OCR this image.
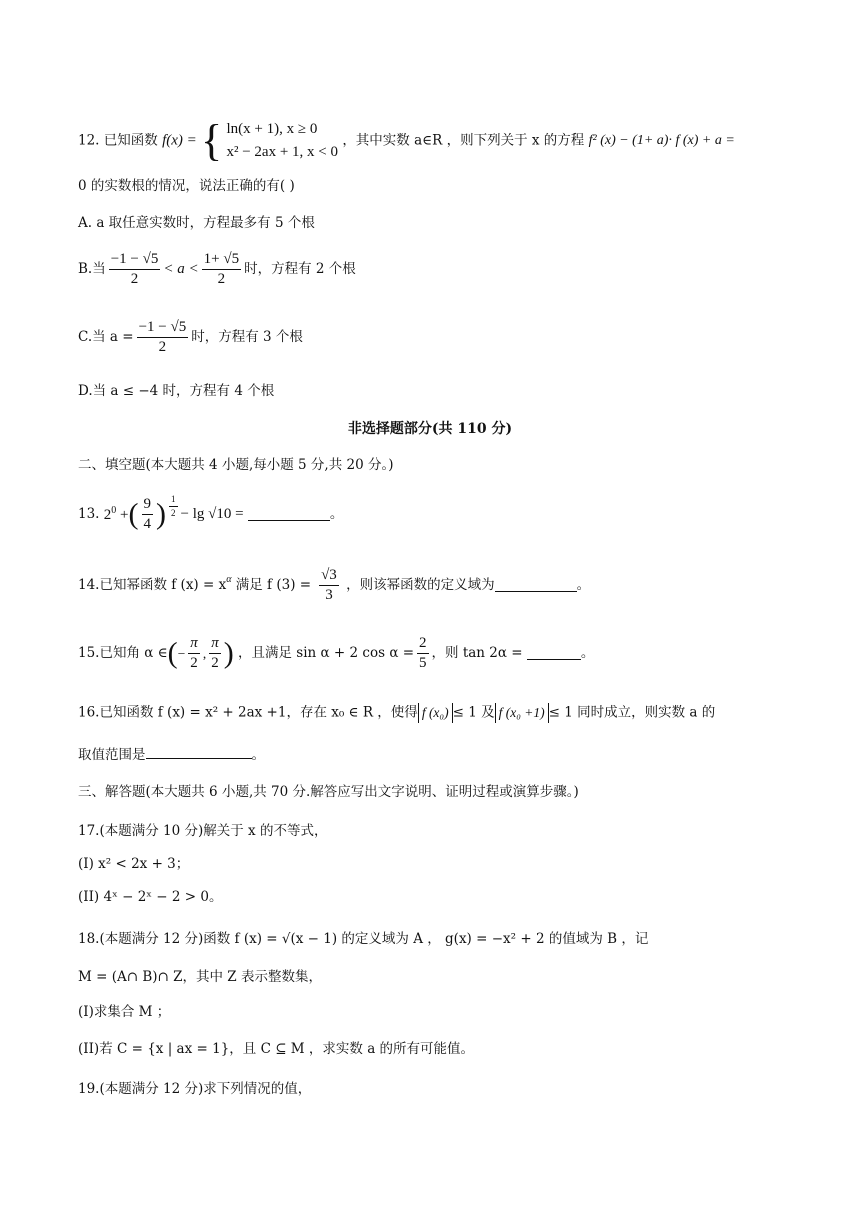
12. 已知函数 f(x) = { ln(x + 1), x ≥ 0
x² − 2ax + 1, x < 0
，其中实数 a∈R ，则下列关于 x 的方程 f² (x) − (1+ a)· f (x) + a =
0 的实数根的情况，说法正确的有( )
A. a 取任意实数时，方程最多有 5 个根
B.当 $\frac{-1 - √5}{2} < a < \frac{1+ √5}{2}$ 时，方程有 2 个根
C.当 $a = \frac{-1 - √5}{2}$ 时，方程有 3 个根
D.当 a ≤ −4 时，方程有 4 个根
非选择题部分(共 110 分)
二、填空题(本大题共 4 小题,每小题 5 分,共 20 分。)
13. $2^0$ +( $\frac{9}{4}$ ) $\frac{1}{2} - \lg √10$ =	。
14.已知幂函数 f $(x) = x^\alpha$ 满足 f $(3) = \frac{√3}{3}$ ，则该幂函数的定义域为	。
15.已知角 α ∈(− $\frac{\pi}{2}$ , $\frac{\pi}{2}$ ) ，且满足 sin α + 2 $\cos \alpha = \frac{2}{5}$ ，则 tan 2α =	。
16.已知函数 f (x) = x² + 2ax +1，存在 x₀ ∈ R ，使得 f (x₀) ≤ 1 及 f (x₀ +1) ≤ 1 同时成立，则实数 a 的
取值范围是	。
三、解答题(本大题共 6 小题,共 70 分.解答应写出文字说明、证明过程或演算步骤。)
17.(本题满分 10 分)解关于 x 的不等式，
(I) x² < 2x + 3；
(II) 4ˣ − 2ˣ − 2 > 0。
18.(本题满分 12 分)函数 f (x) = √(x − 1) 的定义域为 A ， g(x) = −x² + 2 的值域为 B ，记
M = (A∩ B)∩ Z，其中 Z 表示整数集，
(I)求集合 M ；
(II)若 C = {x | ax = 1}，且 C ⊆ M ，求实数 a 的所有可能值。
19.(本题满分 12 分)求下列情况的值，
